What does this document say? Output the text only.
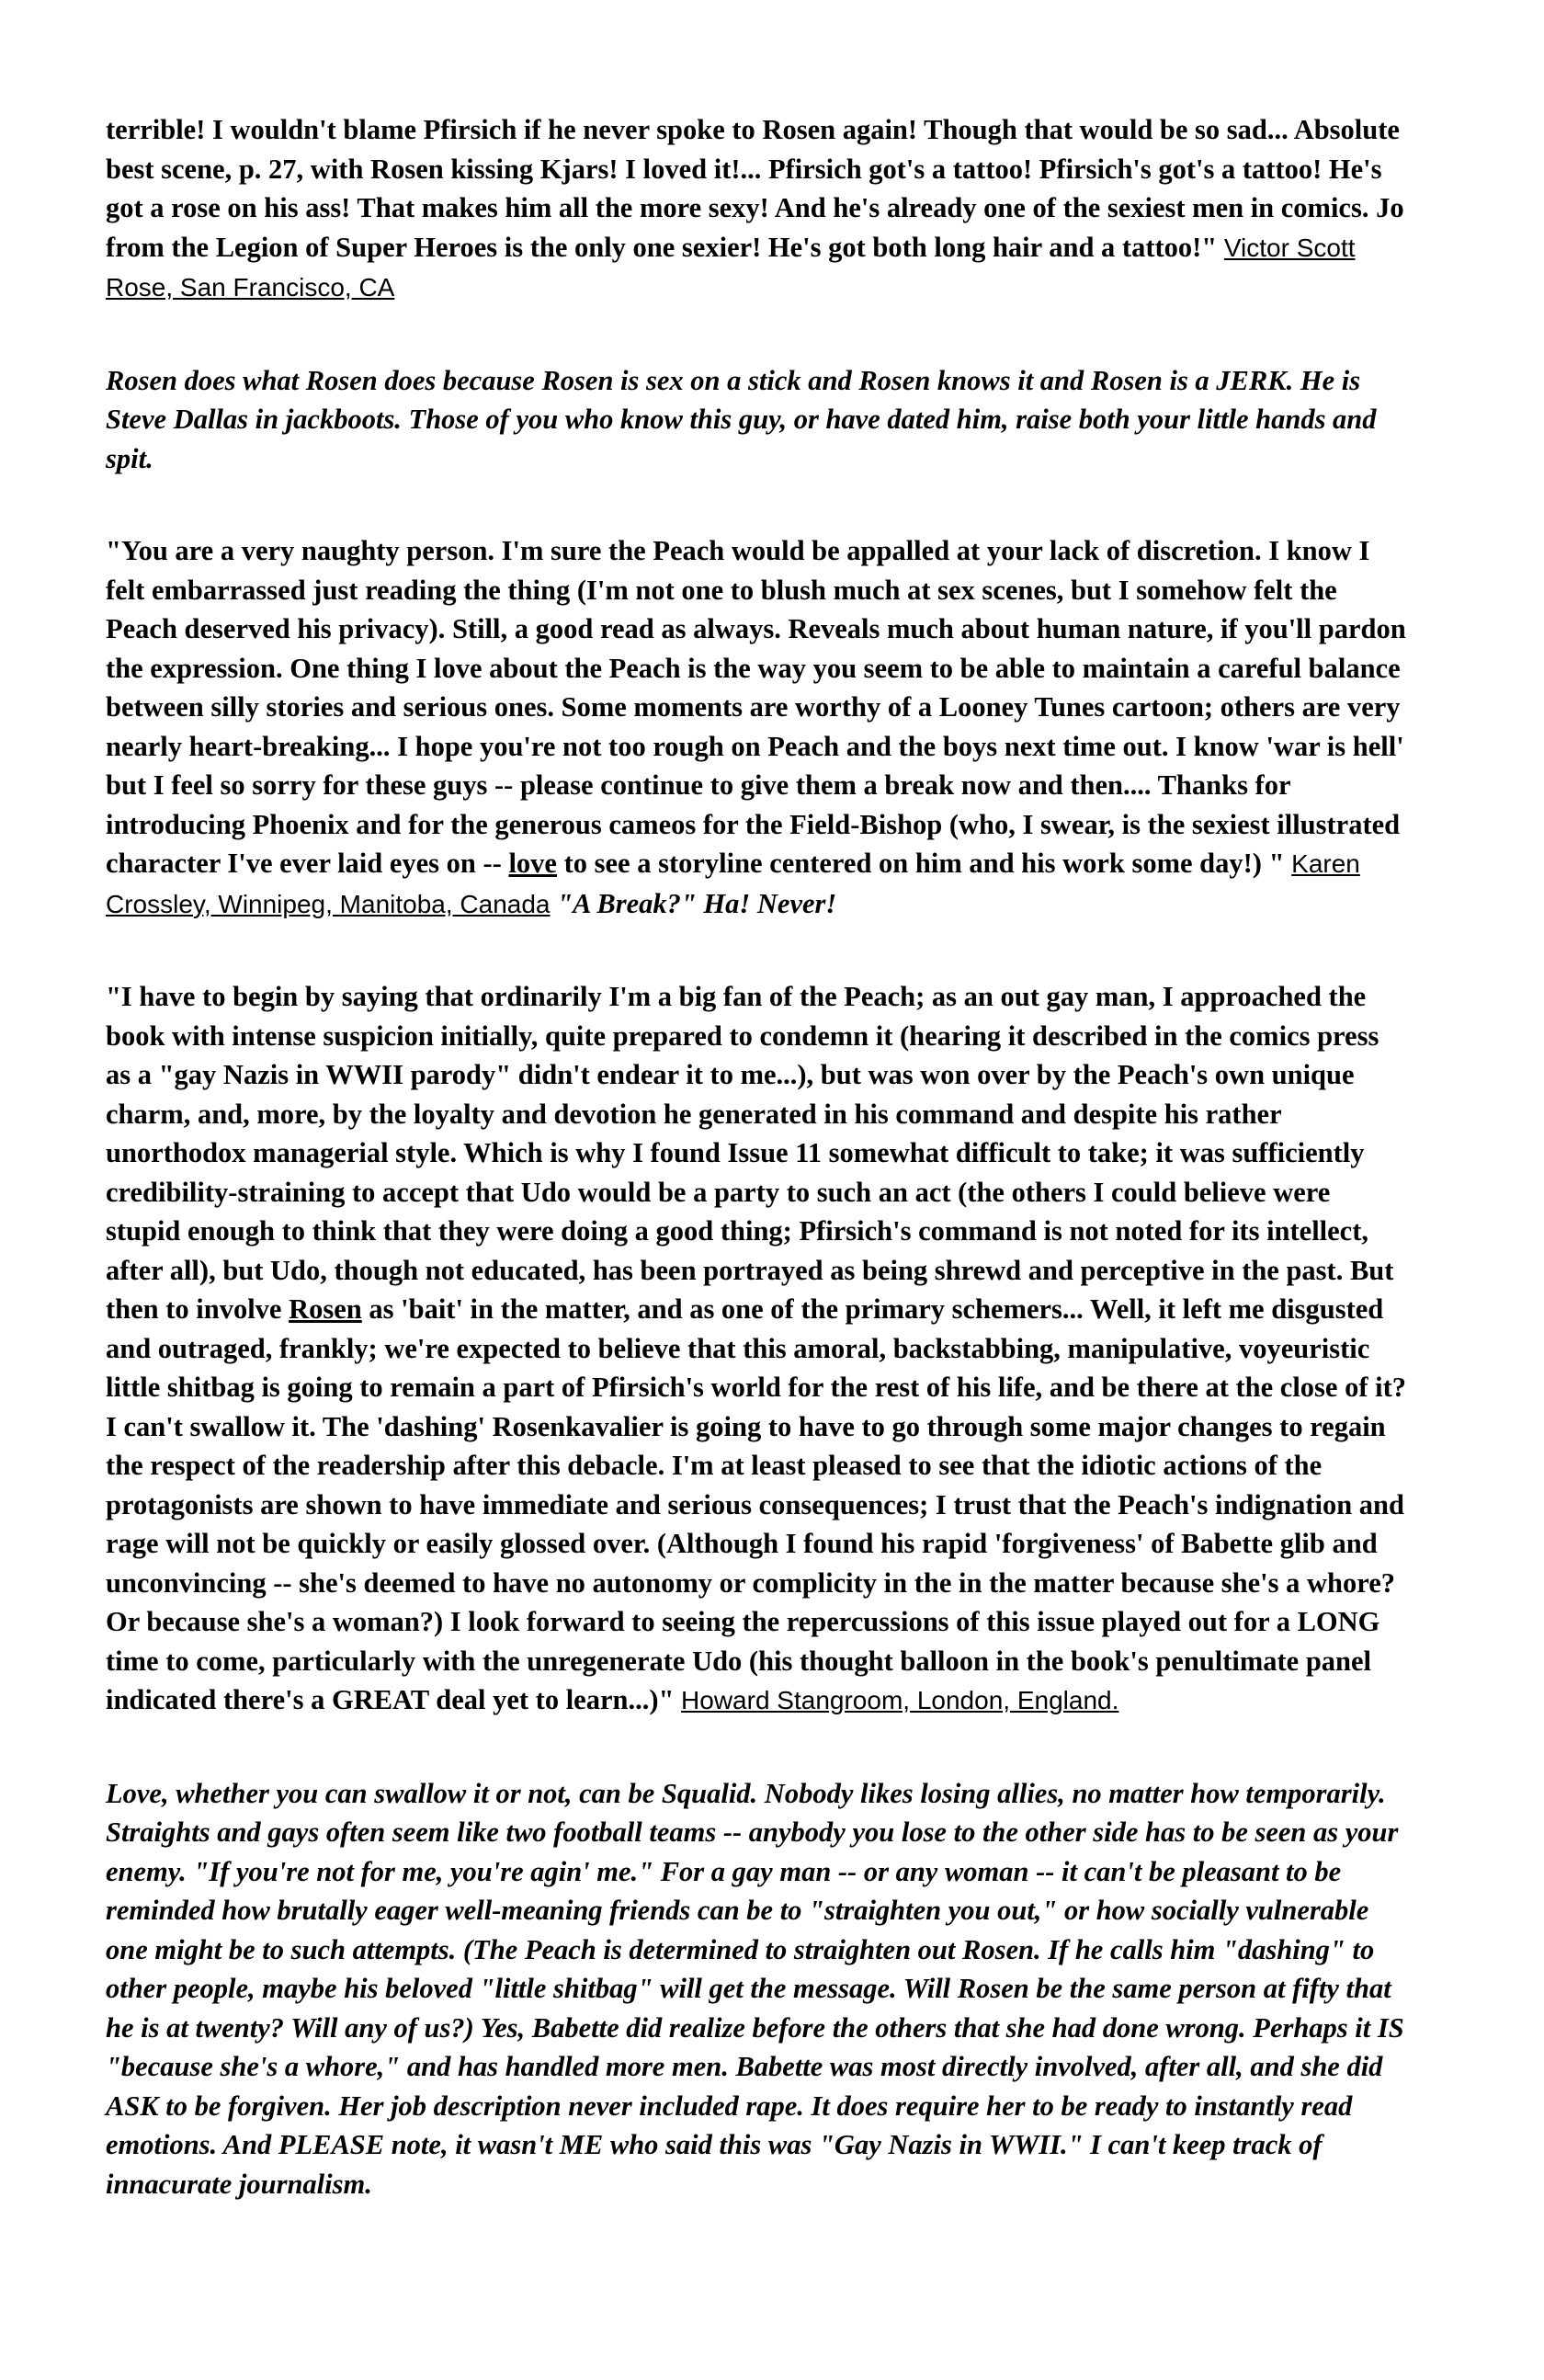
terrible! I wouldn't blame Pfirsich if he never spoke to Rosen again! Though that would be so sad... Absolute best scene, p. 27, with Rosen kissing Kjars! I loved it!... Pfirsich got's a tattoo! Pfirsich's got's a tattoo! He's got a rose on his ass! That makes him all the more sexy! And he's already one of the sexiest men in comics. Jo from the Legion of Super Heroes is the only one sexier! He's got both long hair and a tattoo!" Victor Scott Rose, San Francisco, CA

Rosen does what Rosen does because Rosen is sex on a stick and Rosen knows it and Rosen is a JERK. He is Steve Dallas in jackboots. Those of you who know this guy, or have dated him, raise both your little hands and spit.

"You are a very naughty person. I'm sure the Peach would be appalled at your lack of discretion. I know I felt embarrassed just reading the thing (I'm not one to blush much at sex scenes, but I somehow felt the Peach deserved his privacy). Still, a good read as always. Reveals much about human nature, if you'll pardon the expression. One thing I love about the Peach is the way you seem to be able to maintain a careful balance between silly stories and serious ones. Some moments are worthy of a Looney Tunes cartoon; others are very nearly heart-breaking... I hope you're not too rough on Peach and the boys next time out. I know 'war is hell' but I feel so sorry for these guys -- please continue to give them a break now and then.... Thanks for introducing Phoenix and for the generous cameos for the Field-Bishop (who, I swear, is the sexiest illustrated character I've ever laid eyes on -- love to see a storyline centered on him and his work some day!) " Karen Crossley, Winnipeg, Manitoba, Canada "A Break?" Ha! Never!

"I have to begin by saying that ordinarily I'm a big fan of the Peach; as an out gay man, I approached the book with intense suspicion initially, quite prepared to condemn it (hearing it described in the comics press as a "gay Nazis in WWII parody" didn't endear it to me...), but was won over by the Peach's own unique charm, and, more, by the loyalty and devotion he generated in his command and despite his rather unorthodox managerial style. Which is why I found Issue 11 somewhat difficult to take; it was sufficiently credibility-straining to accept that Udo would be a party to such an act (the others I could believe were stupid enough to think that they were doing a good thing; Pfirsich's command is not noted for its intellect, after all), but Udo, though not educated, has been portrayed as being shrewd and perceptive in the past. But then to involve Rosen as 'bait' in the matter, and as one of the primary schemers... Well, it left me disgusted and outraged, frankly; we're expected to believe that this amoral, backstabbing, manipulative, voyeuristic little shitbag is going to remain a part of Pfirsich's world for the rest of his life, and be there at the close of it? I can't swallow it. The 'dashing' Rosenkavalier is going to have to go through some major changes to regain the respect of the readership after this debacle. I'm at least pleased to see that the idiotic actions of the protagonists are shown to have immediate and serious consequences; I trust that the Peach's indignation and rage will not be quickly or easily glossed over. (Although I found his rapid 'forgiveness' of Babette glib and unconvincing -- she's deemed to have no autonomy or complicity in the in the matter because she's a whore? Or because she's a woman?) I look forward to seeing the repercussions of this issue played out for a LONG time to come, particularly with the unregenerate Udo (his thought balloon in the book's penultimate panel indicated there's a GREAT deal yet to learn...)" Howard Stangroom, London, England.

Love, whether you can swallow it or not, can be Squalid. Nobody likes losing allies, no matter how temporarily. Straights and gays often seem like two football teams -- anybody you lose to the other side has to be seen as your enemy. "If you're not for me, you're agin' me." For a gay man -- or any woman -- it can't be pleasant to be reminded how brutally eager well-meaning friends can be to "straighten you out," or how socially vulnerable one might be to such attempts. (The Peach is determined to straighten out Rosen. If he calls him "dashing" to other people, maybe his beloved "little shitbag" will get the message. Will Rosen be the same person at fifty that he is at twenty? Will any of us?) Yes, Babette did realize before the others that she had done wrong. Perhaps it IS "because she's a whore," and has handled more men. Babette was most directly involved, after all, and she did ASK to be forgiven. Her job description never included rape. It does require her to be ready to instantly read emotions. And PLEASE note, it wasn't ME who said this was "Gay Nazis in WWII." I can't keep track of innacurate journalism.
